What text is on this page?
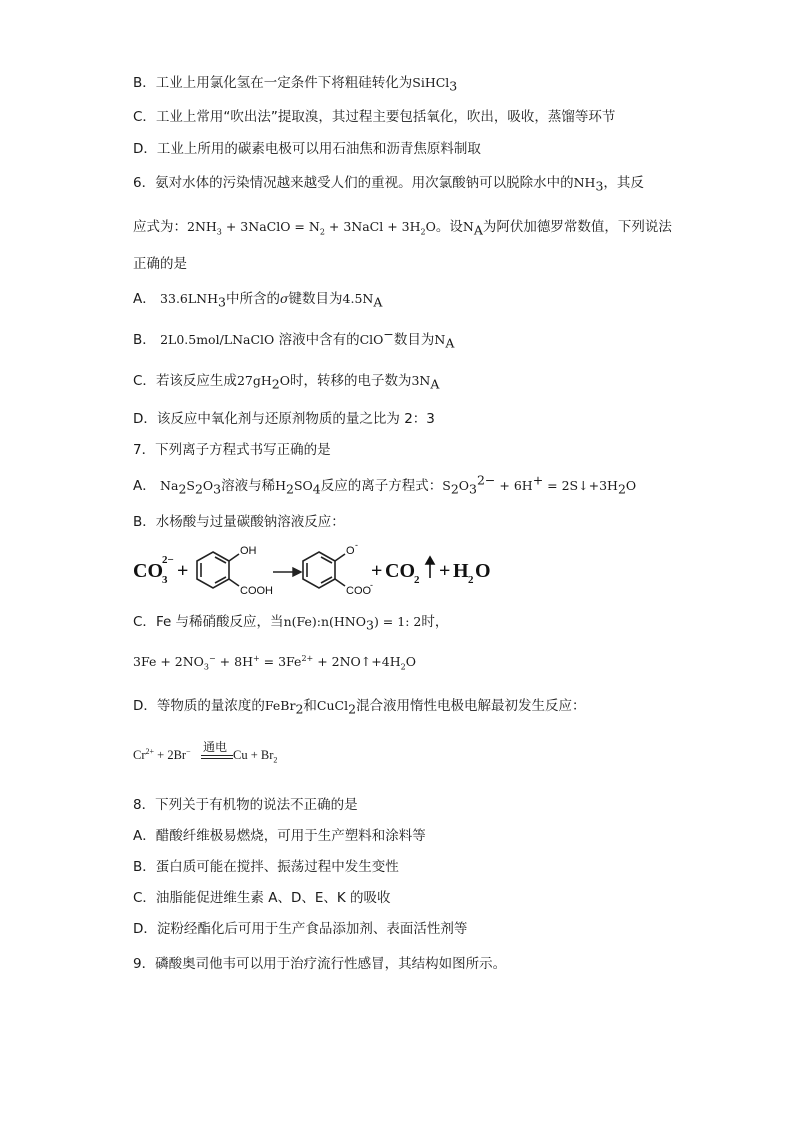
B．工业上用氯化氢在一定条件下将粗硅转化为SiHCl$_3$
C．工业上常用“吹出法”提取溴，其过程主要包括氧化，吹出，吸收，蒸馏等环节
D．工业上所用的碳素电极可以用石油焦和沥青焦原料制取
6．氨对水体的污染情况越来越受人们的重视。用次氯酸钠可以脱除水中的$NH_3$，其反
应式为：$2NH_3$ + 3NaClO = $N_2$ + 3NaCl + $3H_2O$。设$N_A$为阿伏加德罗常数值，下列说法
正确的是
A． $33.6LNH_3$中所含的σ键数目为$4.5N_A$
B． 2L0.5mol/LNaClO 溶液中含有的ClO−数目为$N_A$
C．若该反应生成$27gH_2O$时，转移的电子数为$3N_A$
D．该反应中氧化剂与还原剂物质的量之比为 2：3
7．下列离子方程式书写正确的是
A． $Na_2S_2O_3$溶液与稀$H_2SO_4$反应的离子方程式：$S_2O_3^{2-} + 6H^+$ = $2S↓+3H_2O$
B．水杨酸与过量碳酸钠溶液反应：
CO 3
2− +
OH
COOH
O -
COO
-
+ CO 2 + H 2 O
C．Fe 与稀硝酸反应，当$n(Fe):n(HNO_3) = 1$: 2时，
$3Fe + 2NO_3^- + 8H^+ = 3Fe^{2+}$ + $2NO↑+4H_2O$
D．等物质的量浓度的FeBr$_2$和CuCl$_2$混合液用惰性电极电解最初发生反应：
通电
$Cr^{2+} + 2Br^-$	$Cu + Br_2$
8．下列关于有机物的说法不正确的是
A．醋酸纤维极易燃烧，可用于生产塑料和涂料等
B．蛋白质可能在搅拌、振荡过程中发生变性
C．油脂能促进维生素 A、D、E、K 的吸收
D．淀粉经酯化后可用于生产食品添加剂、表面活性剂等
9．磷酸奥司他韦可以用于治疗流行性感冒，其结构如图所示。
